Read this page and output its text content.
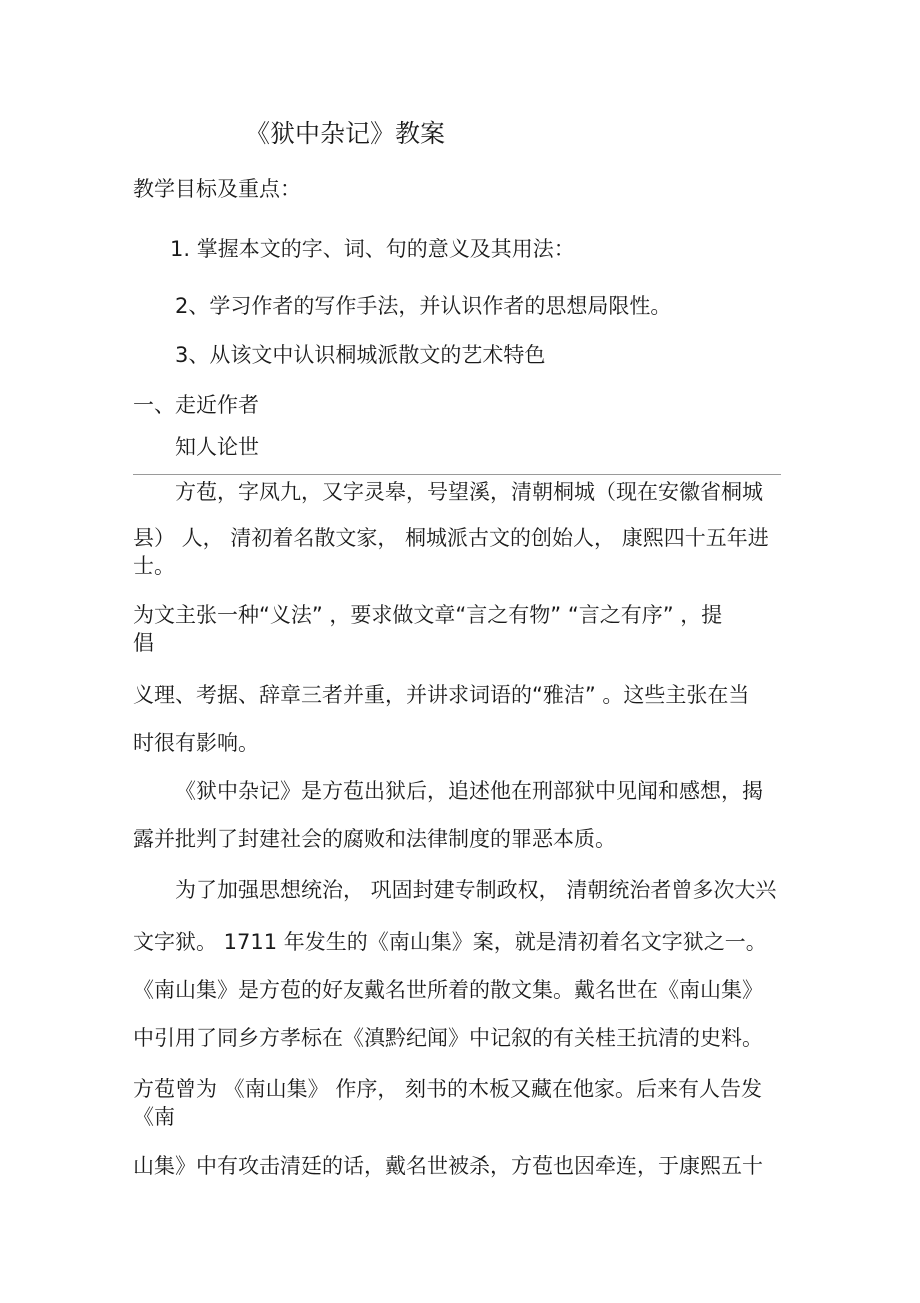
《狱中杂记》教案
教学目标及重点：
1. 掌握本文的字、词、句的意义及其用法：
2、学习作者的写作手法，并认识作者的思想局限性。
3、从该文中认识桐城派散文的艺术特色
一、走近作者
知人论世
方苞，字凤九，又字灵皋，号望溪，清朝桐城（现在安徽省桐城
县） 人， 清初着名散文家， 桐城派古文的创始人， 康熙四十五年进
士。
为文主张一种“义法” ，要求做文章“言之有物” “言之有序” ，提
倡
义理、考据、辞章三者并重，并讲求词语的“雅洁” 。这些主张在当
时很有影响。
《狱中杂记》是方苞出狱后，追述他在刑部狱中见闻和感想，揭
露并批判了封建社会的腐败和法律制度的罪恶本质。
为了加强思想统治， 巩固封建专制政权， 清朝统治者曾多次大兴
文字狱。 1711 年发生的《南山集》案，就是清初着名文字狱之一。
《南山集》是方苞的好友戴名世所着的散文集。戴名世在《南山集》
中引用了同乡方孝标在《滇黔纪闻》中记叙的有关桂王抗清的史料。
方苞曾为 《南山集》 作序， 刻书的木板又藏在他家。后来有人告发
《南
山集》中有攻击清廷的话，戴名世被杀，方苞也因牵连，于康熙五十
